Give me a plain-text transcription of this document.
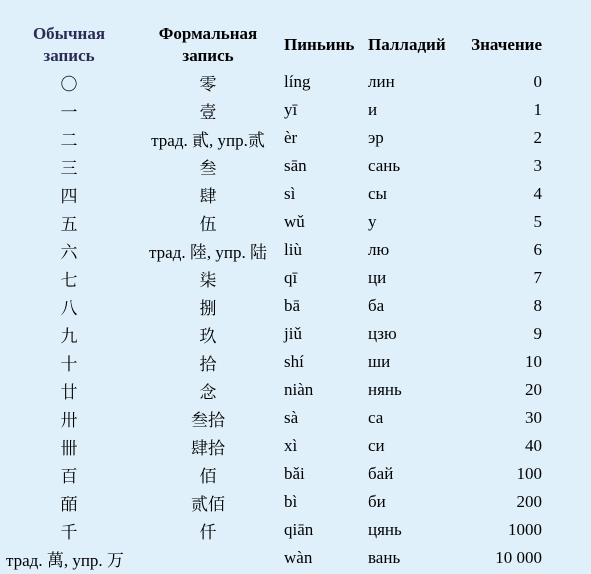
Обычная запись	Формальная запись	Пиньинь	Палладий	Значение
〇	零	líng	лин	0
一	壹	yī	и	1
二	трад. 貳, упр.贰	èr	эр	2
三	叁	sān	сань	3
四	肆	sì	сы	4
五	伍	wǔ	у	5
六	трад. 陸, упр. 陆	liù	лю	6
七	柒	qī	ци	7
八	捌	bā	ба	8
九	玖	jiǔ	цзю	9
十	拾	shí	ши	10
廿	念	niàn	нянь	20
卅	叁拾	sà	са	30
卌	肆拾	xì	си	40
百	佰	bǎi	бай	100
皕	贰佰	bì	би	200
千	仟	qiān	цянь	1000
трад. 萬, упр. 万		wàn	вань	10 000
